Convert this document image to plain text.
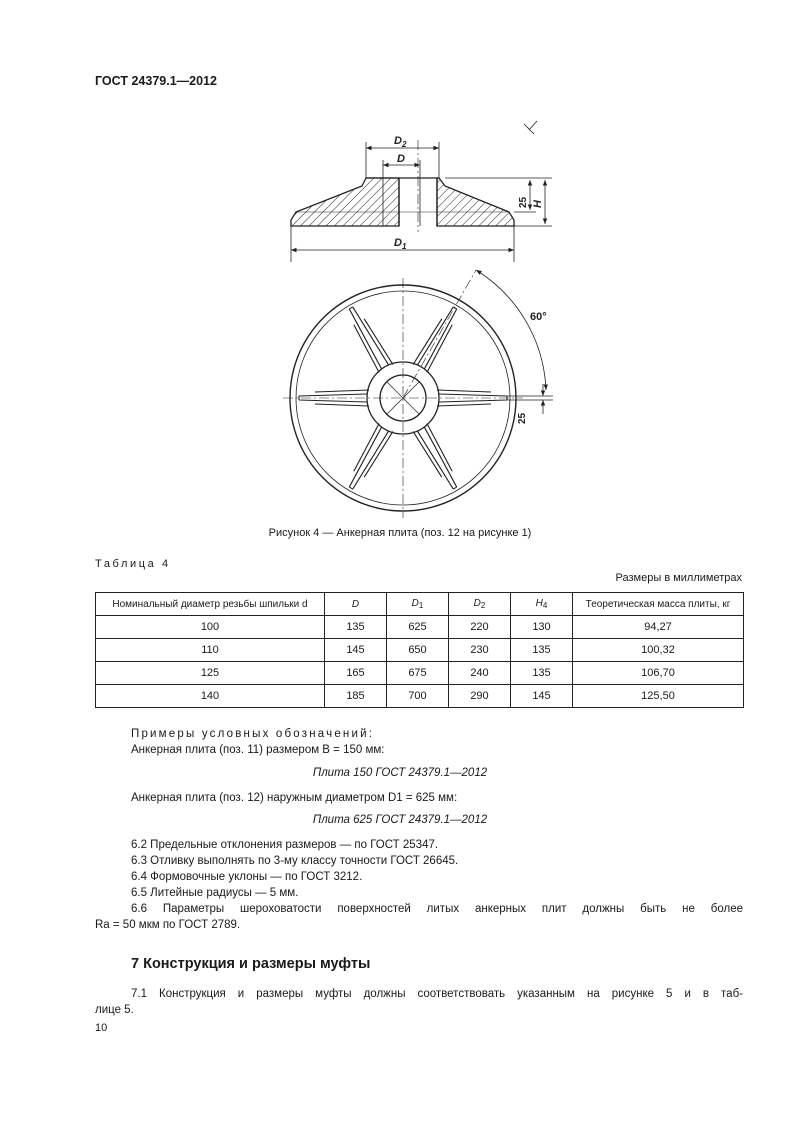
ГОСТ 24379.1—2012
$D_2$
D
$D_1$
H
25
60°
25
Рисунок 4 — Анкерная плита (поз. 12 на рисунке 1)
Таблица 4
Размеры в миллиметрах
Номинальный диаметр резьбы шпильки d	D	$D_1$	$D_2$	$H_4$	Теоретическая масса плиты, кг
100	135	625	220	130	94,27
110	145	650	230	135	100,32
125	165	675	240	135	106,70
140	185	700	290	145	125,50
Примеры условных обозначений:
Анкерная плита (поз. 11) размером B = 150 мм:
Плита 150 ГОСТ 24379.1—2012
Анкерная плита (поз. 12) наружным диаметром D1 = 625 мм:
Плита 625 ГОСТ 24379.1—2012
6.2 Предельные отклонения размеров — по ГОСТ 25347.
6.3 Отливку выполнять по 3-му классу точности ГОСТ 26645.
6.4 Формовочные уклоны — по ГОСТ 3212.
6.5 Литейные радиусы — 5 мм.
6.6 Параметры шероховатости поверхностей литых анкерных плит должны быть не более
Ra = 50 мкм по ГОСТ 2789.
7 Конструкция и размеры муфты
7.1 Конструкция и размеры муфты должны соответствовать указанным на рисунке 5 и в таб-
лице 5.
10
